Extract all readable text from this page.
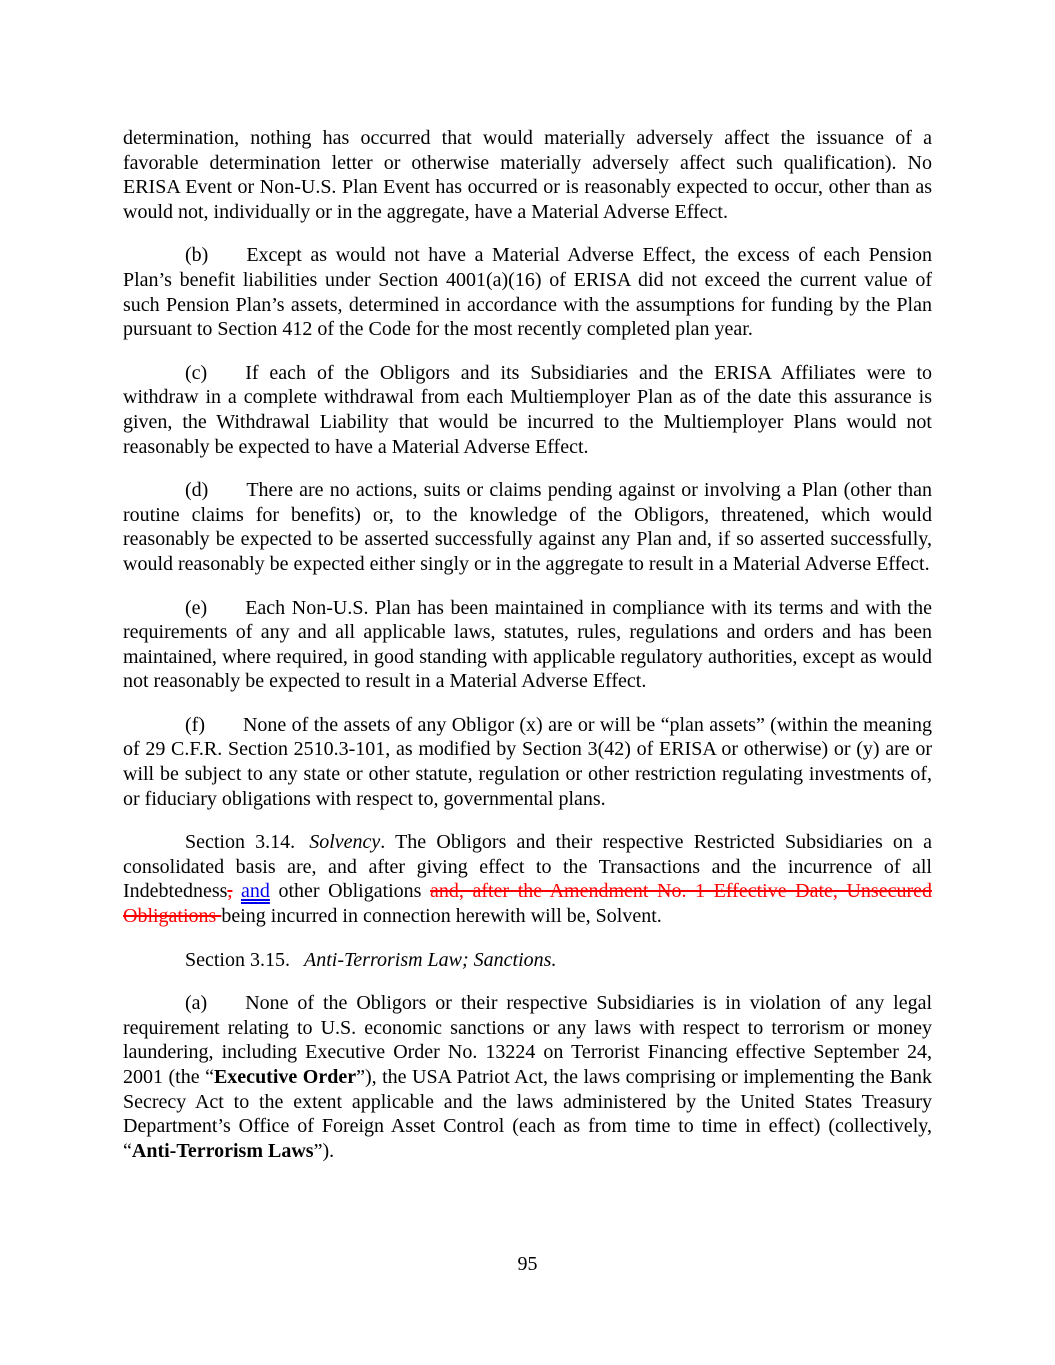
determination, nothing has occurred that would materially adversely affect the issuance of a favorable determination letter or otherwise materially adversely affect such qualification). No ERISA Event or Non-U.S. Plan Event has occurred or is reasonably expected to occur, other than as would not, individually or in the aggregate, have a Material Adverse Effect.

(b) Except as would not have a Material Adverse Effect, the excess of each Pension Plan’s benefit liabilities under Section 4001(a)(16) of ERISA did not exceed the current value of such Pension Plan’s assets, determined in accordance with the assumptions for funding by the Plan pursuant to Section 412 of the Code for the most recently completed plan year.

(c) If each of the Obligors and its Subsidiaries and the ERISA Affiliates were to withdraw in a complete withdrawal from each Multiemployer Plan as of the date this assurance is given, the Withdrawal Liability that would be incurred to the Multiemployer Plans would not reasonably be expected to have a Material Adverse Effect.

(d) There are no actions, suits or claims pending against or involving a Plan (other than routine claims for benefits) or, to the knowledge of the Obligors, threatened, which would reasonably be expected to be asserted successfully against any Plan and, if so asserted successfully, would reasonably be expected either singly or in the aggregate to result in a Material Adverse Effect.

(e) Each Non-U.S. Plan has been maintained in compliance with its terms and with the requirements of any and all applicable laws, statutes, rules, regulations and orders and has been maintained, where required, in good standing with applicable regulatory authorities, except as would not reasonably be expected to result in a Material Adverse Effect.

(f) None of the assets of any Obligor (x) are or will be “plan assets” (within the meaning of 29 C.F.R. Section 2510.3-101, as modified by Section 3(42) of ERISA or otherwise) or (y) are or will be subject to any state or other statute, regulation or other restriction regulating investments of, or fiduciary obligations with respect to, governmental plans.

Section 3.14. Solvency. The Obligors and their respective Restricted Subsidiaries on a consolidated basis are, and after giving effect to the Transactions and the incurrence of all Indebtedness, and other Obligations and, after the Amendment No. 1 Effective Date, Unsecured Obligations being incurred in connection herewith will be, Solvent.

Section 3.15. Anti-Terrorism Law; Sanctions.

(a) None of the Obligors or their respective Subsidiaries is in violation of any legal requirement relating to U.S. economic sanctions or any laws with respect to terrorism or money laundering, including Executive Order No. 13224 on Terrorist Financing effective September 24, 2001 (the “Executive Order”), the USA Patriot Act, the laws comprising or implementing the Bank Secrecy Act to the extent applicable and the laws administered by the United States Treasury Department’s Office of Foreign Asset Control (each as from time to time in effect) (collectively, “Anti-Terrorism Laws”).

95
